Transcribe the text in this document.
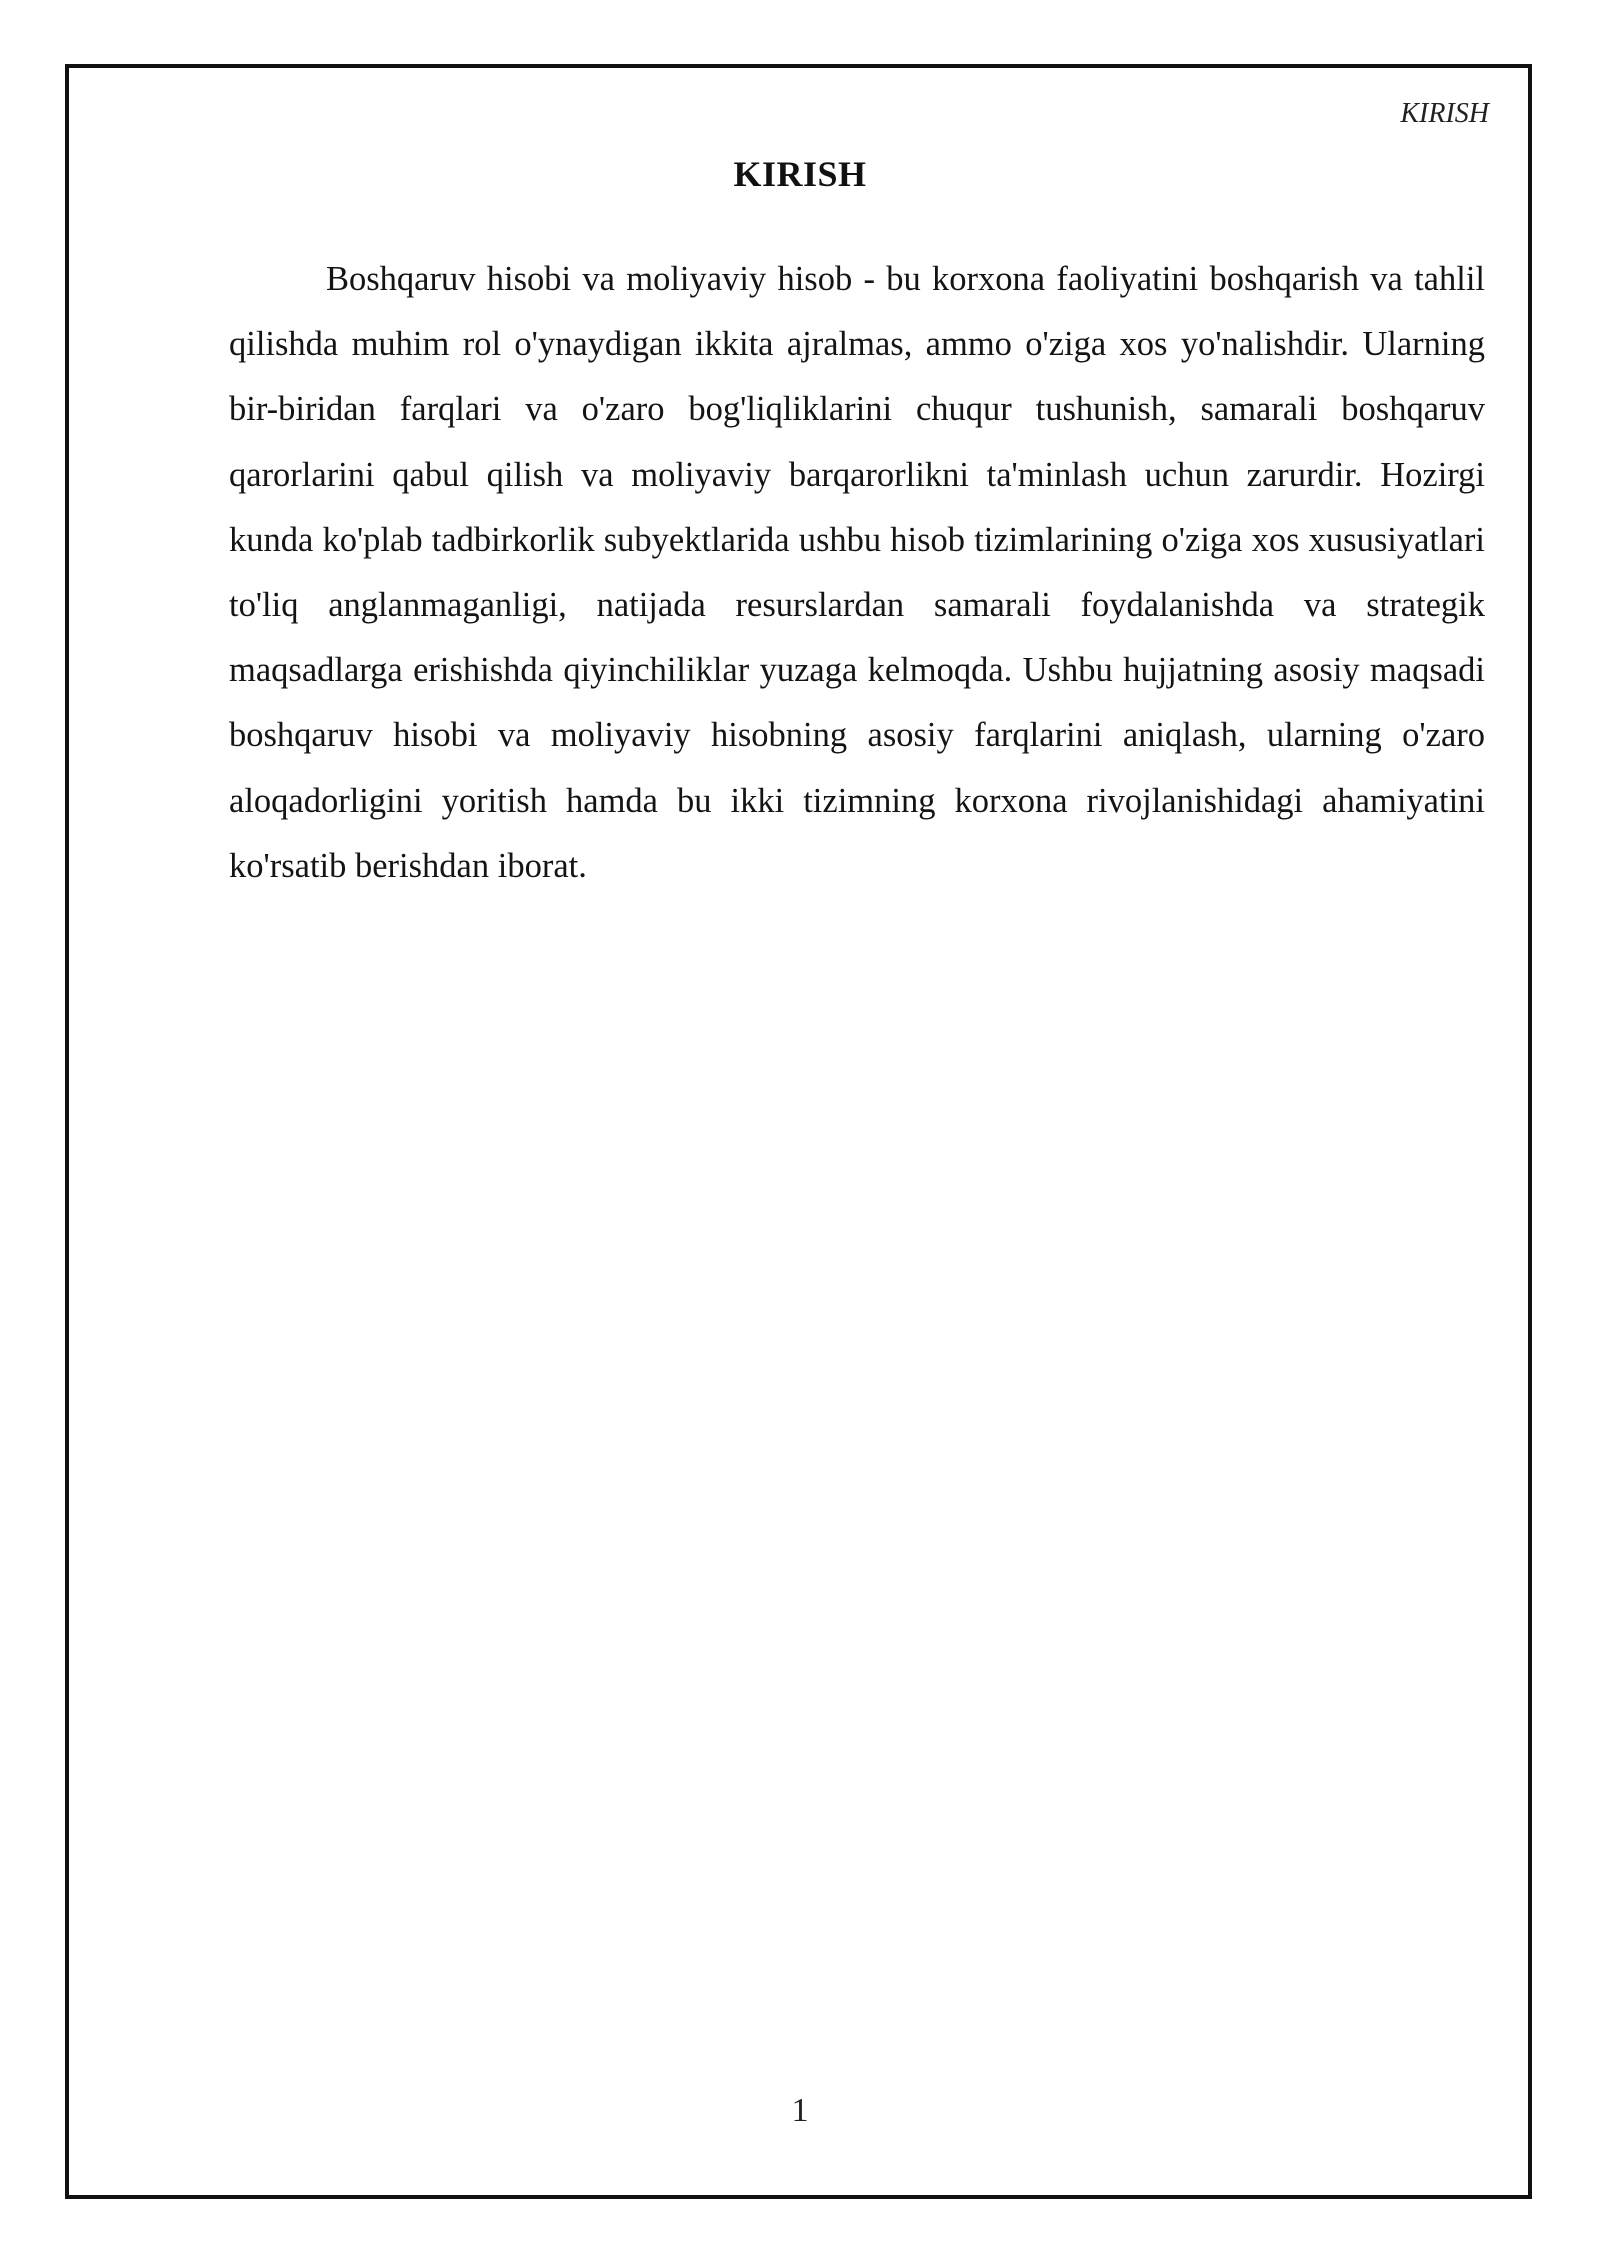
KIRISH
KIRISH

Boshqaruv hisobi va moliyaviy hisob - bu korxona faoliyatini boshqarish va tahlil qilishda muhim rol o'ynaydigan ikkita ajralmas, ammo o'ziga xos yo'nalishdir. Ularning bir-biridan farqlari va o'zaro bog'liqliklarini chuqur tushunish, samarali boshqaruv qarorlarini qabul qilish va moliyaviy barqarorlikni ta'minlash uchun zarurdir. Hozirgi kunda ko'plab tadbirkorlik subyektlarida ushbu hisob tizimlarining o'ziga xos xususiyatlari to'liq anglanmaganligi, natijada resurslardan samarali foydalanishda va strategik maqsadlarga erishishda qiyinchiliklar yuzaga kelmoqda. Ushbu hujjatning asosiy maqsadi boshqaruv hisobi va moliyaviy hisobning asosiy farqlarini aniqlash, ularning o'zaro aloqadorligini yoritish hamda bu ikki tizimning korxona rivojlanishidagi ahamiyatini ko'rsatib berishdan iborat.

1
